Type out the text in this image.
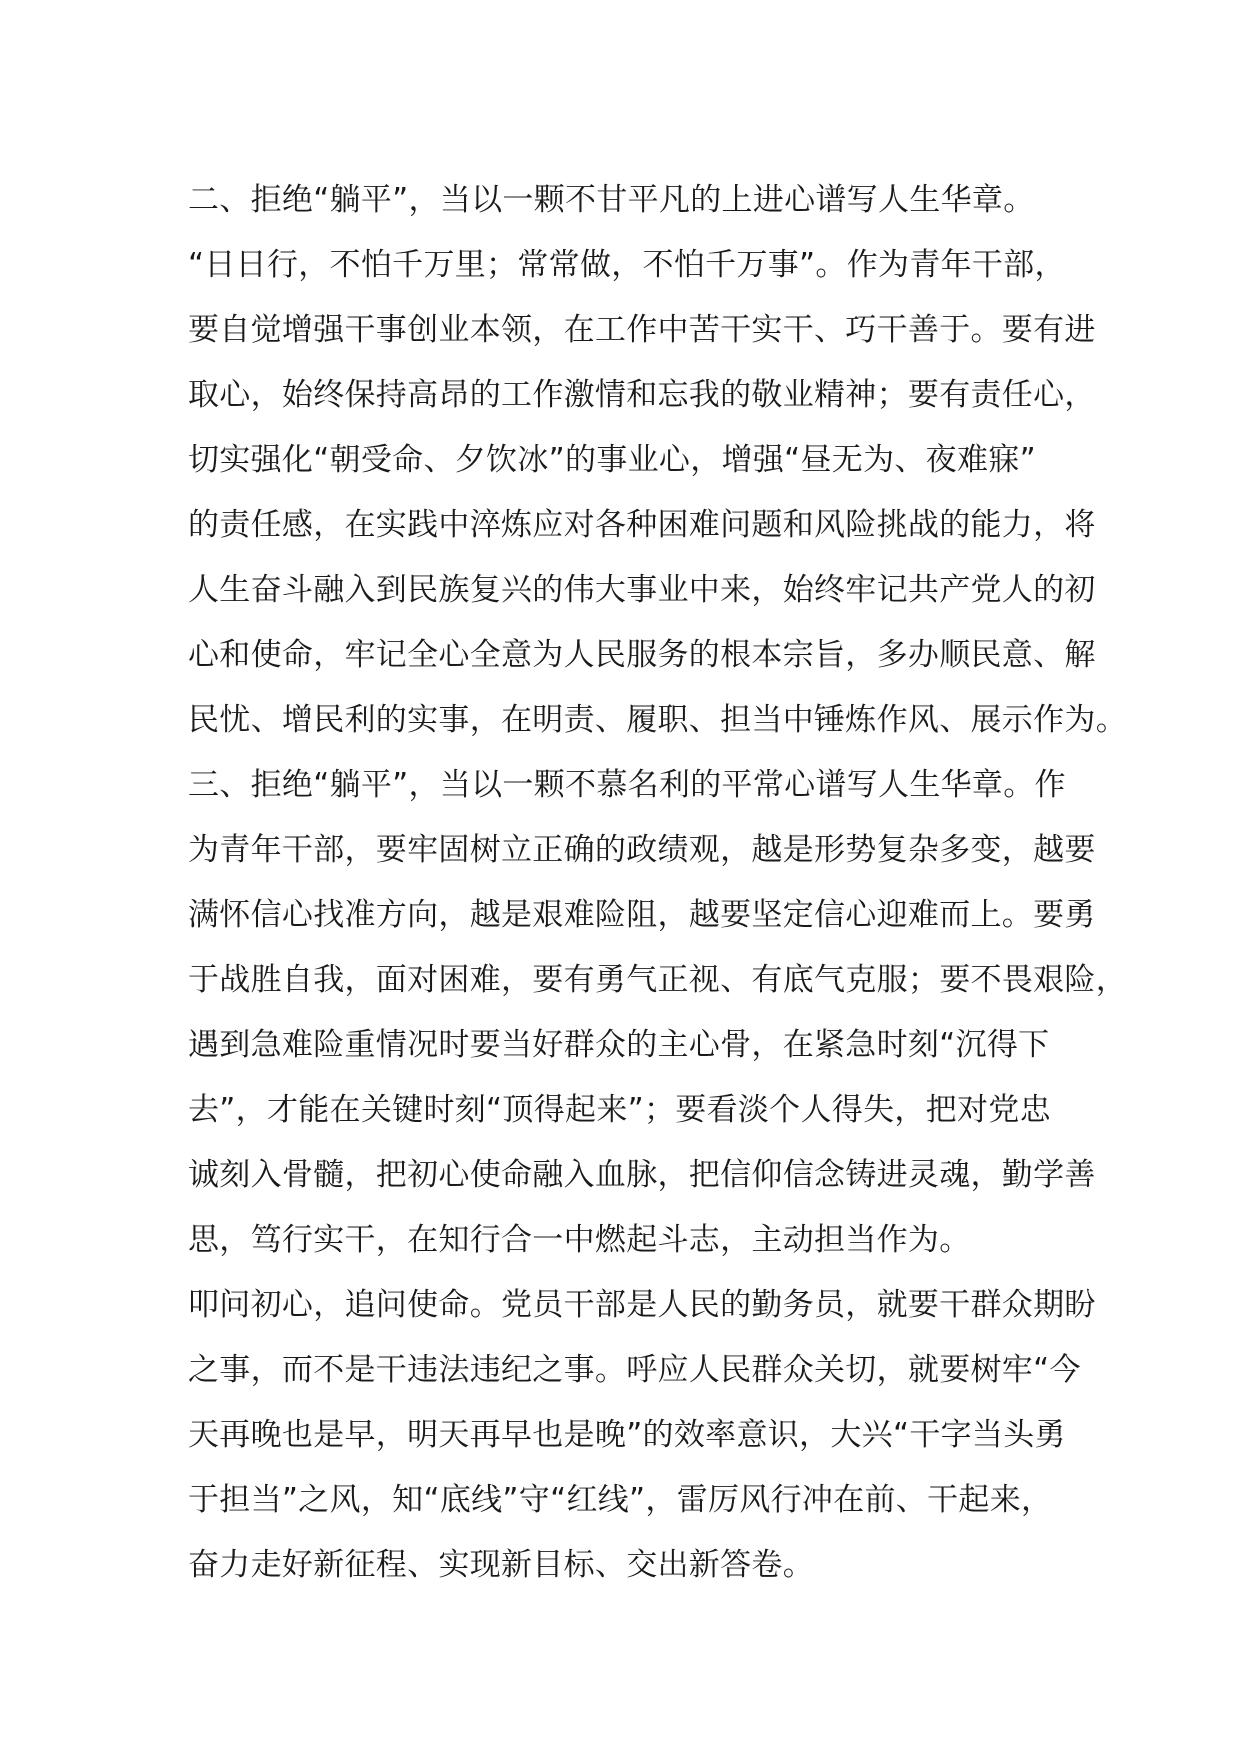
二、拒绝“躺平”，当以一颗不甘平凡的上进心谱写人生华章。
“日日行，不怕千万里；常常做，不怕千万事”。作为青年干部，
要自觉增强干事创业本领，在工作中苦干实干、巧干善于。要有进
取心，始终保持高昂的工作激情和忘我的敬业精神；要有责任心，
切实强化“朝受命、夕饮冰”的事业心，增强“昼无为、夜难寐”
的责任感，在实践中淬炼应对各种困难问题和风险挑战的能力，将
人生奋斗融入到民族复兴的伟大事业中来，始终牢记共产党人的初
心和使命，牢记全心全意为人民服务的根本宗旨，多办顺民意、解
民忧、增民利的实事，在明责、履职、担当中锤炼作风、展示作为。
三、拒绝“躺平”，当以一颗不慕名利的平常心谱写人生华章。作
为青年干部，要牢固树立正确的政绩观，越是形势复杂多变，越要
满怀信心找准方向，越是艰难险阻，越要坚定信心迎难而上。要勇
于战胜自我，面对困难，要有勇气正视、有底气克服；要不畏艰险，
遇到急难险重情况时要当好群众的主心骨，在紧急时刻“沉得下
去”，才能在关键时刻“顶得起来”；要看淡个人得失，把对党忠
诚刻入骨髓，把初心使命融入血脉，把信仰信念铸进灵魂，勤学善
思，笃行实干，在知行合一中燃起斗志，主动担当作为。
叩问初心，追问使命。党员干部是人民的勤务员，就要干群众期盼
之事，而不是干违法违纪之事。呼应人民群众关切，就要树牢“今
天再晚也是早，明天再早也是晚”的效率意识，大兴“干字当头勇
于担当”之风，知“底线”守“红线”，雷厉风行冲在前、干起来，
奋力走好新征程、实现新目标、交出新答卷。
